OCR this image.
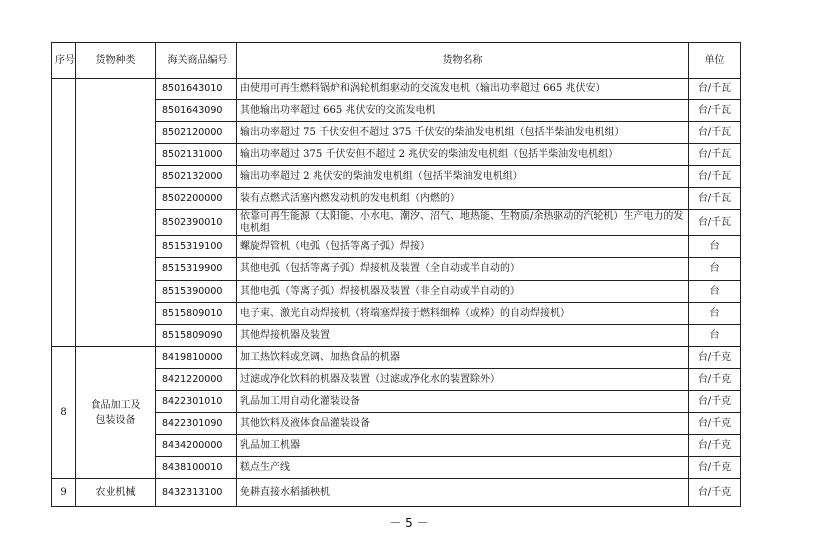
序号	货物种类	海关商品编号	货物名称	单位
		8501643010	由使用可再生燃料锅炉和涡轮机组驱动的交流发电机（输出功率超过 665 兆伏安）	台/千瓦
		8501643090	其他输出功率超过 665 兆伏安的交流发电机	台/千瓦
		8502120000	输出功率超过 75 千伏安但不超过 375 千伏安的柴油发电机组（包括半柴油发电机组）	台/千瓦
		8502131000	输出功率超过 375 千伏安但不超过 2 兆伏安的柴油发电机组（包括半柴油发电机组）	台/千瓦
		8502132000	输出功率超过 2 兆伏安的柴油发电机组（包括半柴油发电机组）	台/千瓦
		8502200000	装有点燃式活塞内燃发动机的发电机组（内燃的）	台/千瓦
		8502390010	依靠可再生能源（太阳能、小水电、潮汐、沼气、地热能、生物质/余热驱动的汽轮机）生产电力的发电机组	台/千瓦
		8515319100	螺旋焊管机（电弧（包括等离子弧）焊接）	台
		8515319900	其他电弧（包括等离子弧）焊接机及装置（全自动或半自动的）	台
		8515390000	其他电弧（等离子弧）焊接机器及装置（非全自动或半自动的）	台
		8515809010	电子束、激光自动焊接机（将端塞焊接于燃料细棒（或棒）的自动焊接机）	台
		8515809090	其他焊接机器及装置	台
8	食品加工及包装设备	8419810000	加工热饮料或烹调、加热食品的机器	台/千克
		8421220000	过滤或净化饮料的机器及装置（过滤或净化水的装置除外）	台/千克
		8422301010	乳品加工用自动化灌装设备	台/千克
		8422301090	其他饮料及液体食品灌装设备	台/千克
		8434200000	乳品加工机器	台/千克
		8438100010	糕点生产线	台/千克
9	农业机械	8432313100	免耕直接水稻插秧机	台/千克
－ 5 －
